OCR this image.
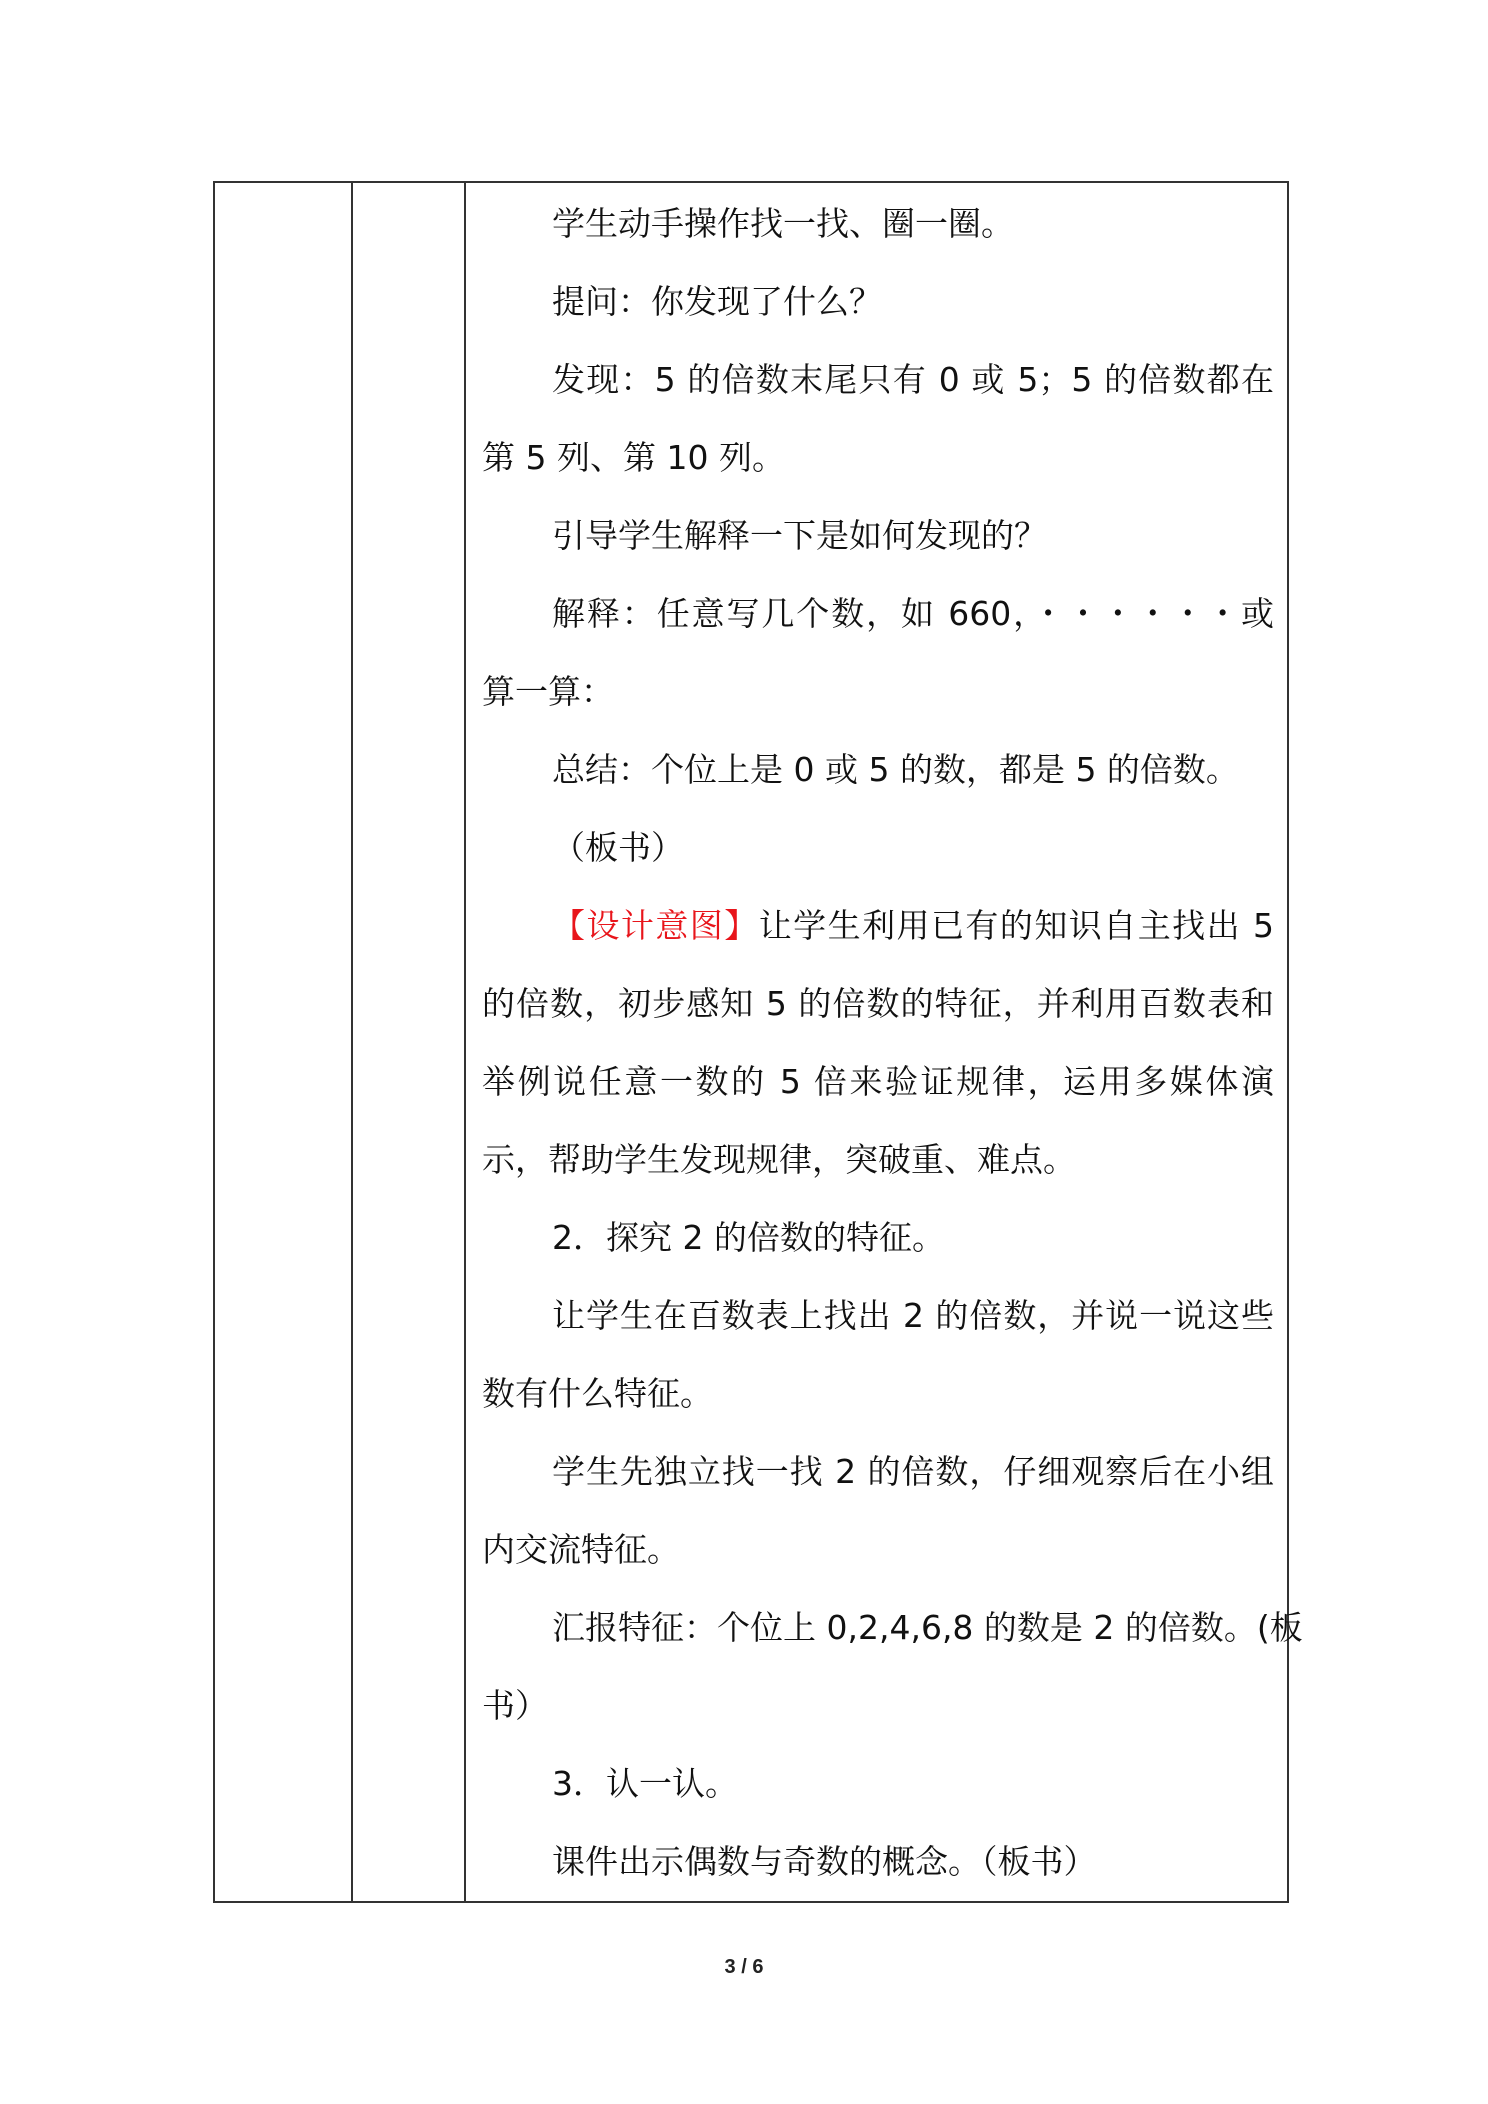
学生动手操作找一找、圈一圈。

提问：你发现了什么？

发现：5 的倍数末尾只有 0 或 5；5 的倍数都在

第 5 列、第 10 列。

引导学生解释一下是如何发现的？

解释：任意写几个数，如 660，・・・・・・或

算一算：

总结：个位上是 0 或 5 的数，都是 5 的倍数。

（板书）

【设计意图】让学生利用已有的知识自主找出 5

的倍数，初步感知 5 的倍数的特征，并利用百数表和

举例说任意一数的 5 倍来验证规律，运用多媒体演

示，帮助学生发现规律，突破重、难点。

2．探究 2 的倍数的特征。

让学生在百数表上找出 2 的倍数，并说一说这些

数有什么特征。

学生先独立找一找 2 的倍数，仔细观察后在小组

内交流特征。

汇报特征：个位上 0,2,4,6,8 的数是 2 的倍数。(板

书）

3．认一认。

课件出示偶数与奇数的概念。（板书）

3 / 6
